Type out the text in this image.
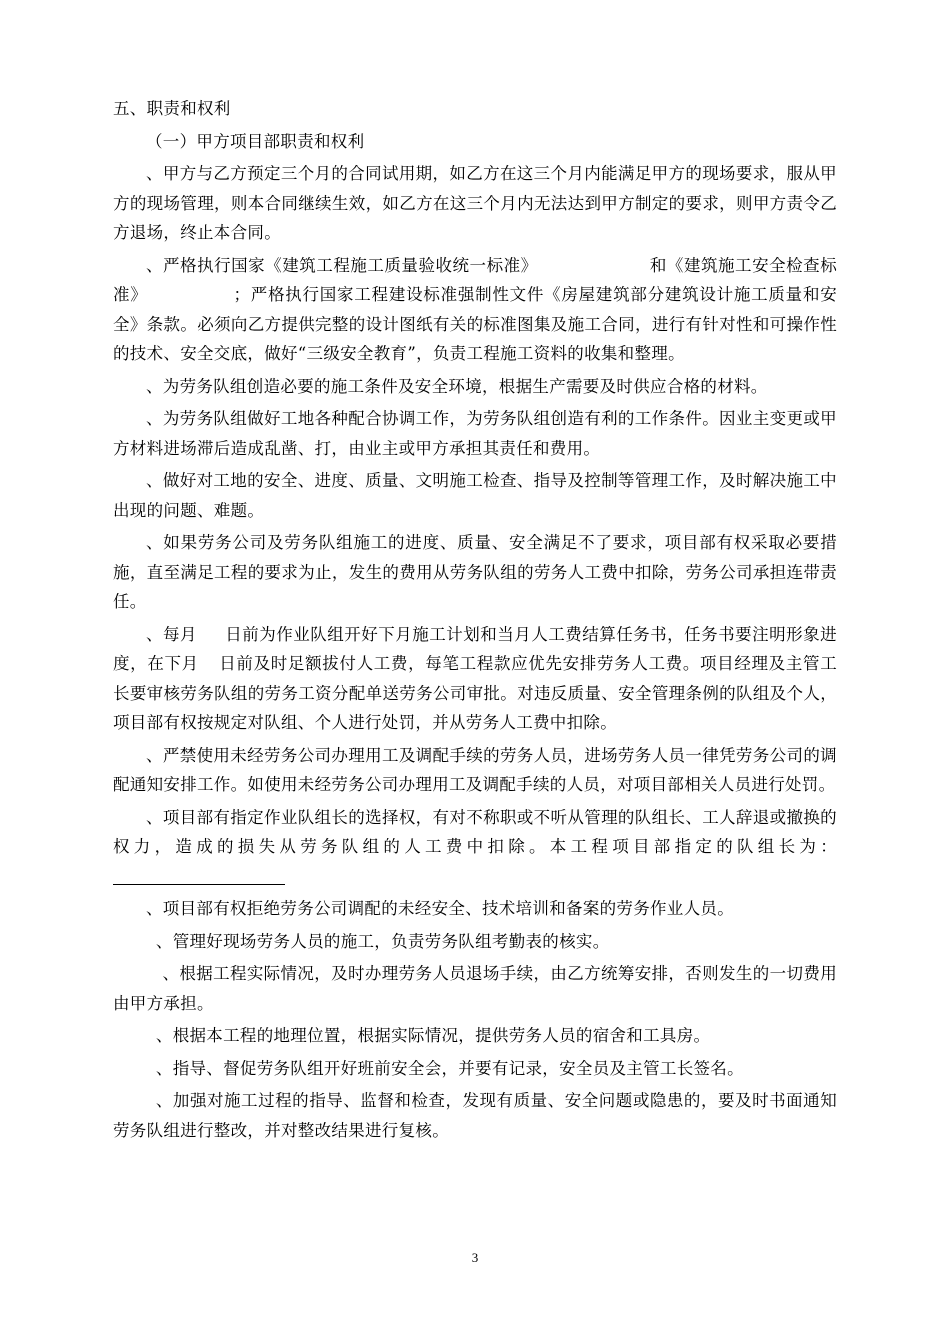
五、职责和权利

（一）甲方项目部职责和权利

、甲方与乙方预定三个月的合同试用期，如乙方在这三个月内能满足甲方的现场要求，服从甲方的现场管理，则本合同继续生效，如乙方在这三个月内无法达到甲方制定的要求，则甲方责令乙方退场，终止本合同。

、严格执行国家《建筑工程施工质量验收统一标准》	和《建筑施工安全检查标准》	；严格执行国家工程建设标准强制性文件《房屋建筑部分建筑设计施工质量和安全》条款。必须向乙方提供完整的设计图纸有关的标准图集及施工合同，进行有针对性和可操作性的技术、安全交底，做好“三级安全教育”，负责工程施工资料的收集和整理。

、为劳务队组创造必要的施工条件及安全环境，根据生产需要及时供应合格的材料。

、为劳务队组做好工地各种配合协调工作，为劳务队组创造有利的工作条件。因业主变更或甲方材料进场滞后造成乱凿、打，由业主或甲方承担其责任和费用。

、做好对工地的安全、进度、质量、文明施工检查、指导及控制等管理工作，及时解决施工中出现的问题、难题。

、如果劳务公司及劳务队组施工的进度、质量、安全满足不了要求，项目部有权采取必要措施，直至满足工程的要求为止，发生的费用从劳务队组的劳务人工费中扣除，劳务公司承担连带责任。

、每月 日前为作业队组开好下月施工计划和当月人工费结算任务书，任务书要注明形象进度，在下月 日前及时足额拔付人工费，每笔工程款应优先安排劳务人工费。项目经理及主管工长要审核劳务队组的劳务工资分配单送劳务公司审批。对违反质量、安全管理条例的队组及个人，项目部有权按规定对队组、个人进行处罚，并从劳务人工费中扣除。

、严禁使用未经劳务公司办理用工及调配手续的劳务人员，进场劳务人员一律凭劳务公司的调配通知安排工作。如使用未经劳务公司办理用工及调配手续的人员，对项目部相关人员进行处罚。

、项目部有指定作业队组长的选择权，有对不称职或不听从管理的队组长、工人辞退或撤换的权力，造成的损失从劳务队组的人工费中扣除。本工程项目部指定的队组长为：

、项目部有权拒绝劳务公司调配的未经安全、技术培训和备案的劳务作业人员。

、管理好现场劳务人员的施工，负责劳务队组考勤表的核实。

、根据工程实际情况，及时办理劳务人员退场手续，由乙方统筹安排，否则发生的一切费用由甲方承担。

、根据本工程的地理位置，根据实际情况，提供劳务人员的宿舍和工具房。

、指导、督促劳务队组开好班前安全会，并要有记录，安全员及主管工长签名。

、加强对施工过程的指导、监督和检查，发现有质量、安全问题或隐患的，要及时书面通知劳务队组进行整改，并对整改结果进行复核。

3
